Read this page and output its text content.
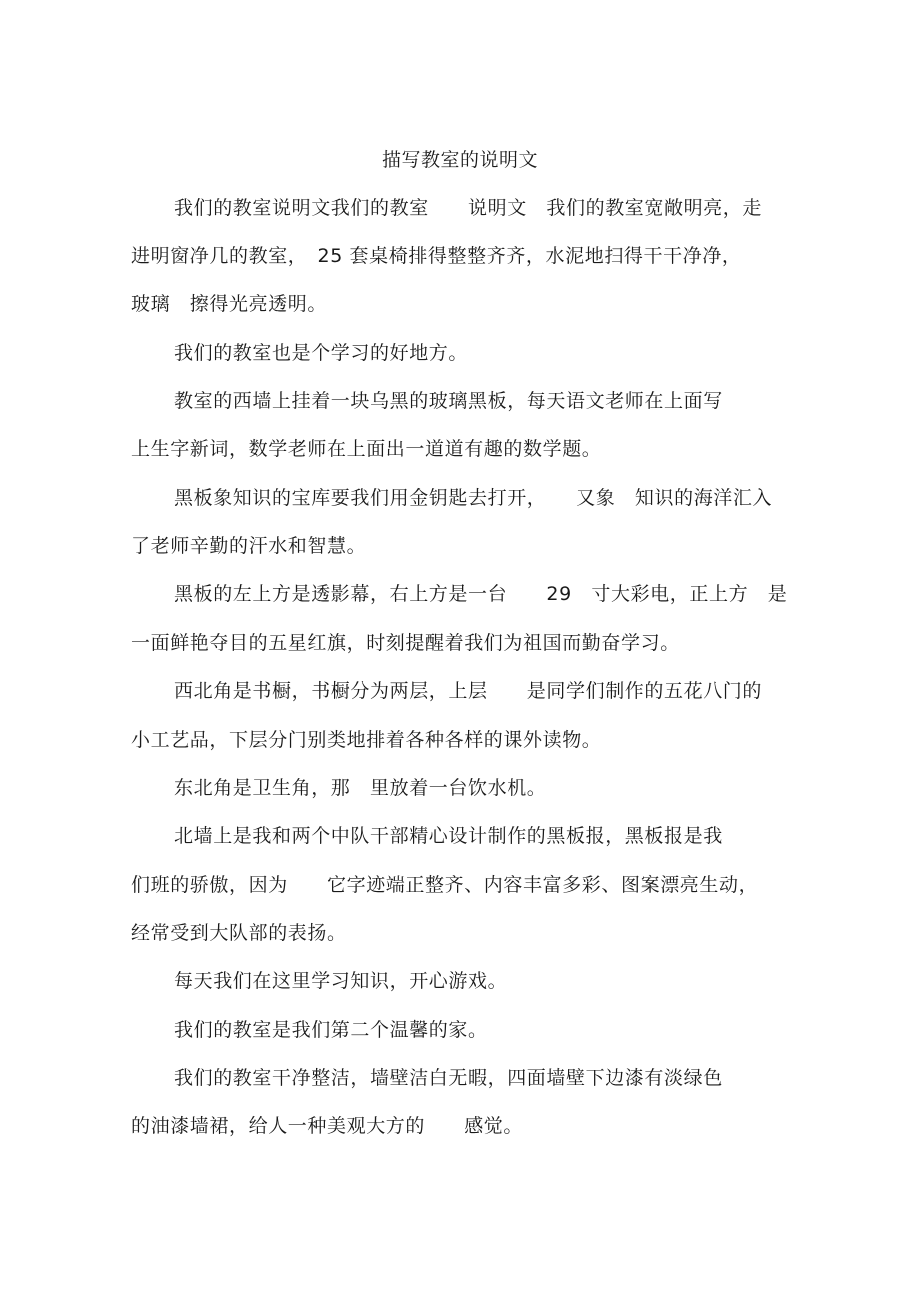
描写教室的说明文
我们的教室说明文我们的教室　　说明文　我们的教室宽敞明亮，走
进明窗净几的教室，　25 套桌椅排得整整齐齐，水泥地扫得干干净净，
玻璃　擦得光亮透明。
我们的教室也是个学习的好地方。
教室的西墙上挂着一块乌黑的玻璃黑板，每天语文老师在上面写
上生字新词，数学老师在上面出一道道有趣的数学题。
黑板象知识的宝库要我们用金钥匙去打开，　　又象　知识的海洋汇入
了老师辛勤的汗水和智慧。
黑板的左上方是透影幕，右上方是一台　　29　寸大彩电，正上方　是
一面鲜艳夺目的五星红旗，时刻提醒着我们为祖国而勤奋学习。
西北角是书橱，书橱分为两层，上层　　是同学们制作的五花八门的
小工艺品，下层分门别类地排着各种各样的课外读物。
东北角是卫生角，那　里放着一台饮水机。
北墙上是我和两个中队干部精心设计制作的黑板报，黑板报是我
们班的骄傲，因为　　它字迹端正整齐、内容丰富多彩、图案漂亮生动，
经常受到大队部的表扬。
每天我们在这里学习知识，开心游戏。
我们的教室是我们第二个温馨的家。
我们的教室干净整洁，墙壁洁白无暇，四面墙壁下边漆有淡绿色
的油漆墙裙，给人一种美观大方的　　感觉。
